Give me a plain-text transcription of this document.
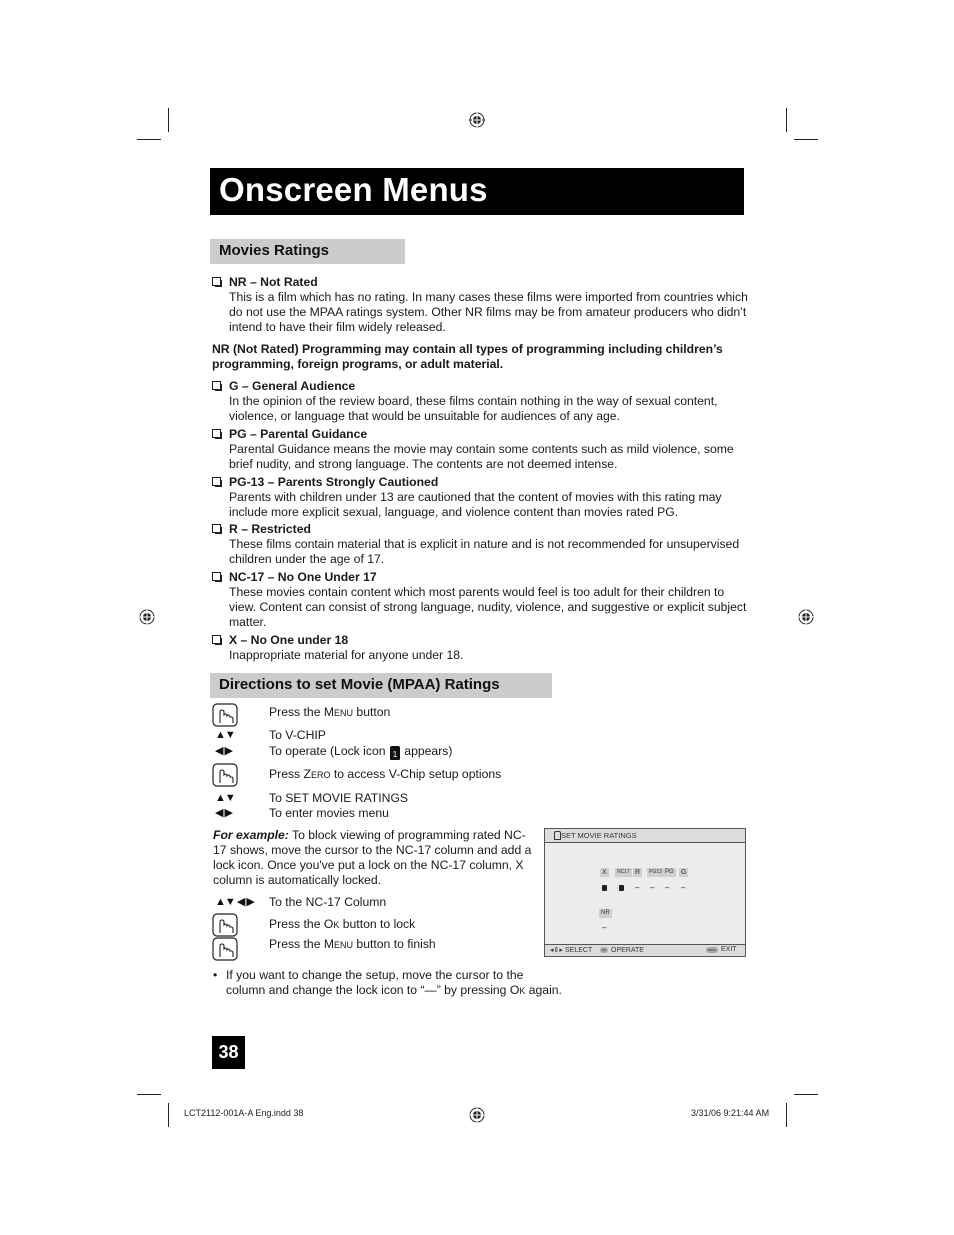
Onscreen Menus
Movies Ratings
NR – Not Rated
This is a film which has no rating. In many cases these films were imported from countries which do not use the MPAA ratings system. Other NR films may be from amateur producers who didn’t intend to have their film widely released.
NR (Not Rated) Programming may contain all types of programming including children’s programming, foreign programs, or adult material.
G – General Audience
In the opinion of the review board, these films contain nothing in the way of sexual content, violence, or language that would be unsuitable for audiences of any age.
PG – Parental Guidance
Parental Guidance means the movie may contain some contents such as mild violence, some brief nudity, and strong language. The contents are not deemed intense.
PG-13 – Parents Strongly Cautioned
Parents with children under 13 are cautioned that the content of movies with this rating may include more explicit sexual, language, and violence content than movies rated PG.
R – Restricted
These films contain material that is explicit in nature and is not recommended for unsupervised children under the age of 17.
NC-17 – No One Under 17
These movies contain content which most parents would feel is too adult for their children to view. Content can consist of strong language, nudity, violence, and suggestive or explicit subject matter.
X – No One under 18
Inappropriate material for anyone under 18.
Directions to set Movie (MPAA) Ratings
Press the Menu button
▲▼	To V-CHIP
◀ ▶	To operate (Lock icon 1 appears)
Press Zero to access V-Chip setup options
▲▼	To SET MOVIE RATINGS
◀ ▶	To enter movies menu
For example: To block viewing of programming rated NC-17 shows, move the cursor to the NC-17 column and add a lock icon. Once you've put a lock on the NC-17 column, X column is automatically locked.
▲▼ ◀ ▶ To the NC-17 Column
Press the Ok button to lock
Press the Menu button to finish
SET MOVIE RATINGS
X	NC17 R	PG13 PG G
– – – –
NR
–
◂⇕▸ SELECT	OK OPERATE	MENU EXIT
• If you want to change the setup, move the cursor to the
column and change the lock icon to “—” by pressing Ok again.
38
LCT2112-001A-A Eng.indd 38	3/31/06 9:21:44 AM
